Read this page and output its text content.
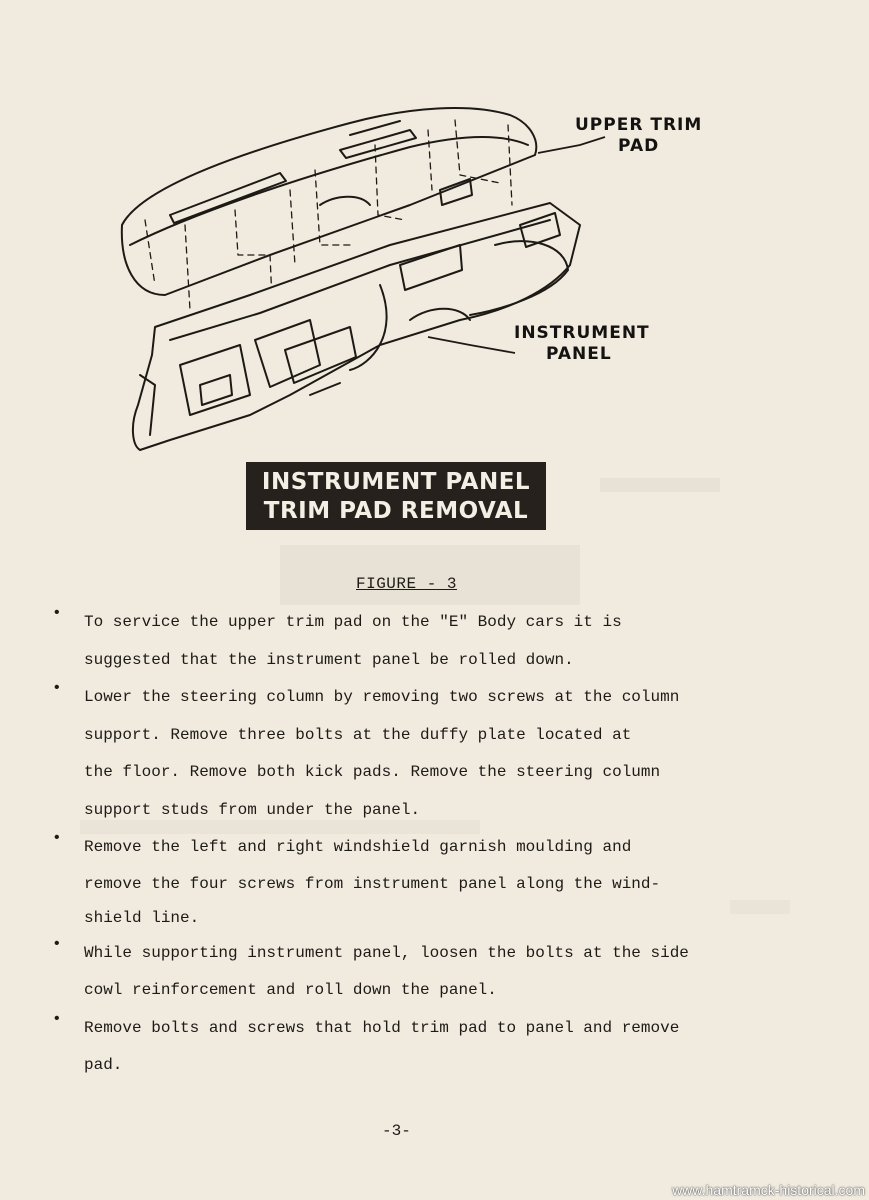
UPPER TRIM
PAD
INSTRUMENT
PANEL
INSTRUMENT PANEL
TRIM PAD REMOVAL
FIGURE - 3
• To service the upper trim pad on the "E" Body cars it is
suggested that the instrument panel be rolled down.
• Lower the steering column by removing two screws at the column
support. Remove three bolts at the duffy plate located at
the floor. Remove both kick pads. Remove the steering column
support studs from under the panel.
• Remove the left and right windshield garnish moulding and
remove the four screws from instrument panel along the wind-
shield line.
• While supporting instrument panel, loosen the bolts at the side
cowl reinforcement and roll down the panel.
• Remove bolts and screws that hold trim pad to panel and remove
pad.
-3-
www.hamtramck-historical.com
